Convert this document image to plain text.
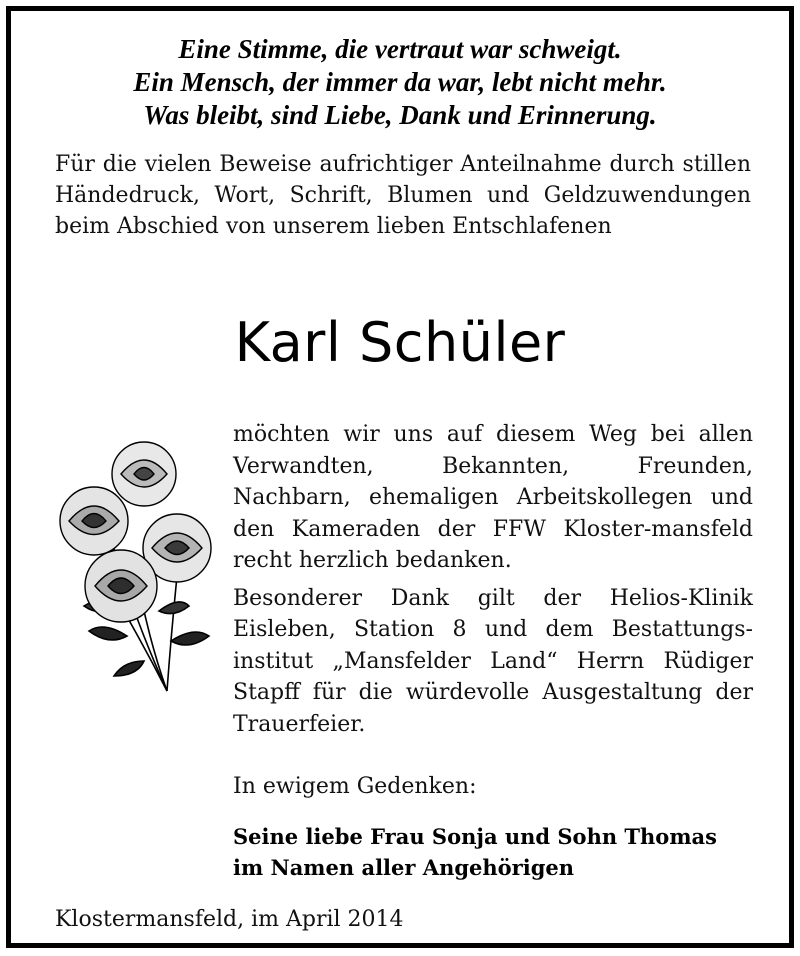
Eine Stimme, die vertraut war schweigt.
Ein Mensch, der immer da war, lebt nicht mehr.
Was bleibt, sind Liebe, Dank und Erinnerung.
Für die vielen Beweise aufrichtiger Anteilnahme durch stillen Händedruck, Wort, Schrift, Blumen und Geldzuwendungen beim Abschied von unserem lieben Entschlafenen
Karl Schüler

möchten wir uns auf diesem Weg bei allen Verwandten, Bekannten, Freunden, Nachbarn, ehemaligen Arbeitskollegen und den Kameraden der FFW Kloster-mansfeld recht herzlich bedanken.

Besonderer Dank gilt der Helios-Klinik Eisleben, Station 8 und dem Bestattungs-institut „Mansfelder Land“ Herrn Rüdiger Stapff für die würdevolle Ausgestaltung der Trauerfeier.

In ewigem Gedenken:
Seine liebe Frau Sonja und Sohn Thomas
im Namen aller Angehörigen
Klostermansfeld, im April 2014
